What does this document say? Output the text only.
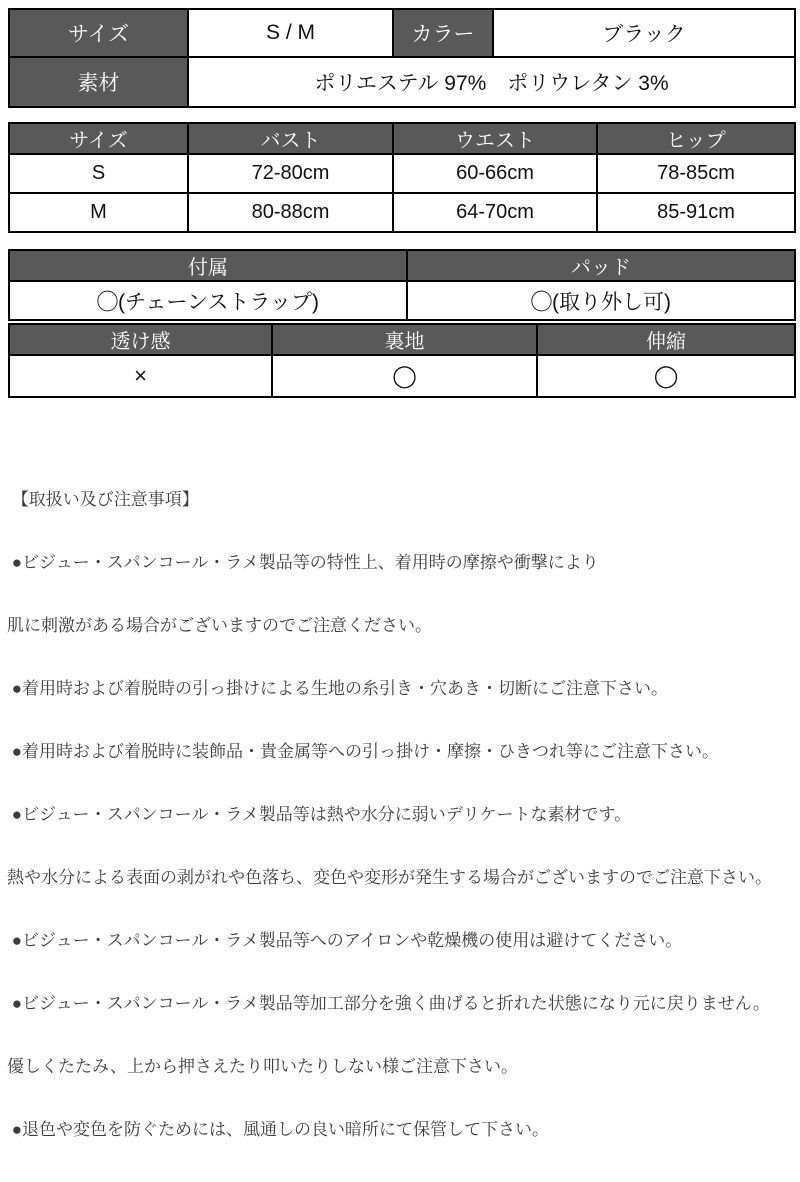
サイズ	S / M	カラー	ブラック
素材	ポリエステル 97%　ポリウレタン 3%		
サイズ	バスト	ウエスト	ヒップ
S	72-80cm	60-66cm	78-85cm
M	80-88cm	64-70cm	85-91cm
付属	パッド
◯(チェーンストラップ)	◯(取り外し可)
透け感	裏地	伸縮
×	◯	◯

【取扱い及び注意事項】

●ビジュー・スパンコール・ラメ製品等の特性上、着用時の摩擦や衝撃により

肌に刺激がある場合がございますのでご注意ください。

●着用時および着脱時の引っ掛けによる生地の糸引き・穴あき・切断にご注意下さい。

●着用時および着脱時に装飾品・貴金属等への引っ掛け・摩擦・ひきつれ等にご注意下さい。

●ビジュー・スパンコール・ラメ製品等は熱や水分に弱いデリケートな素材です。

熱や水分による表面の剥がれや色落ち、変色や変形が発生する場合がございますのでご注意下さい。

●ビジュー・スパンコール・ラメ製品等へのアイロンや乾燥機の使用は避けてください。

●ビジュー・スパンコール・ラメ製品等加工部分を強く曲げると折れた状態になり元に戻りません。

優しくたたみ、上から押さえたり叩いたりしない様ご注意下さい。

●退色や変色を防ぐためには、風通しの良い暗所にて保管して下さい。
